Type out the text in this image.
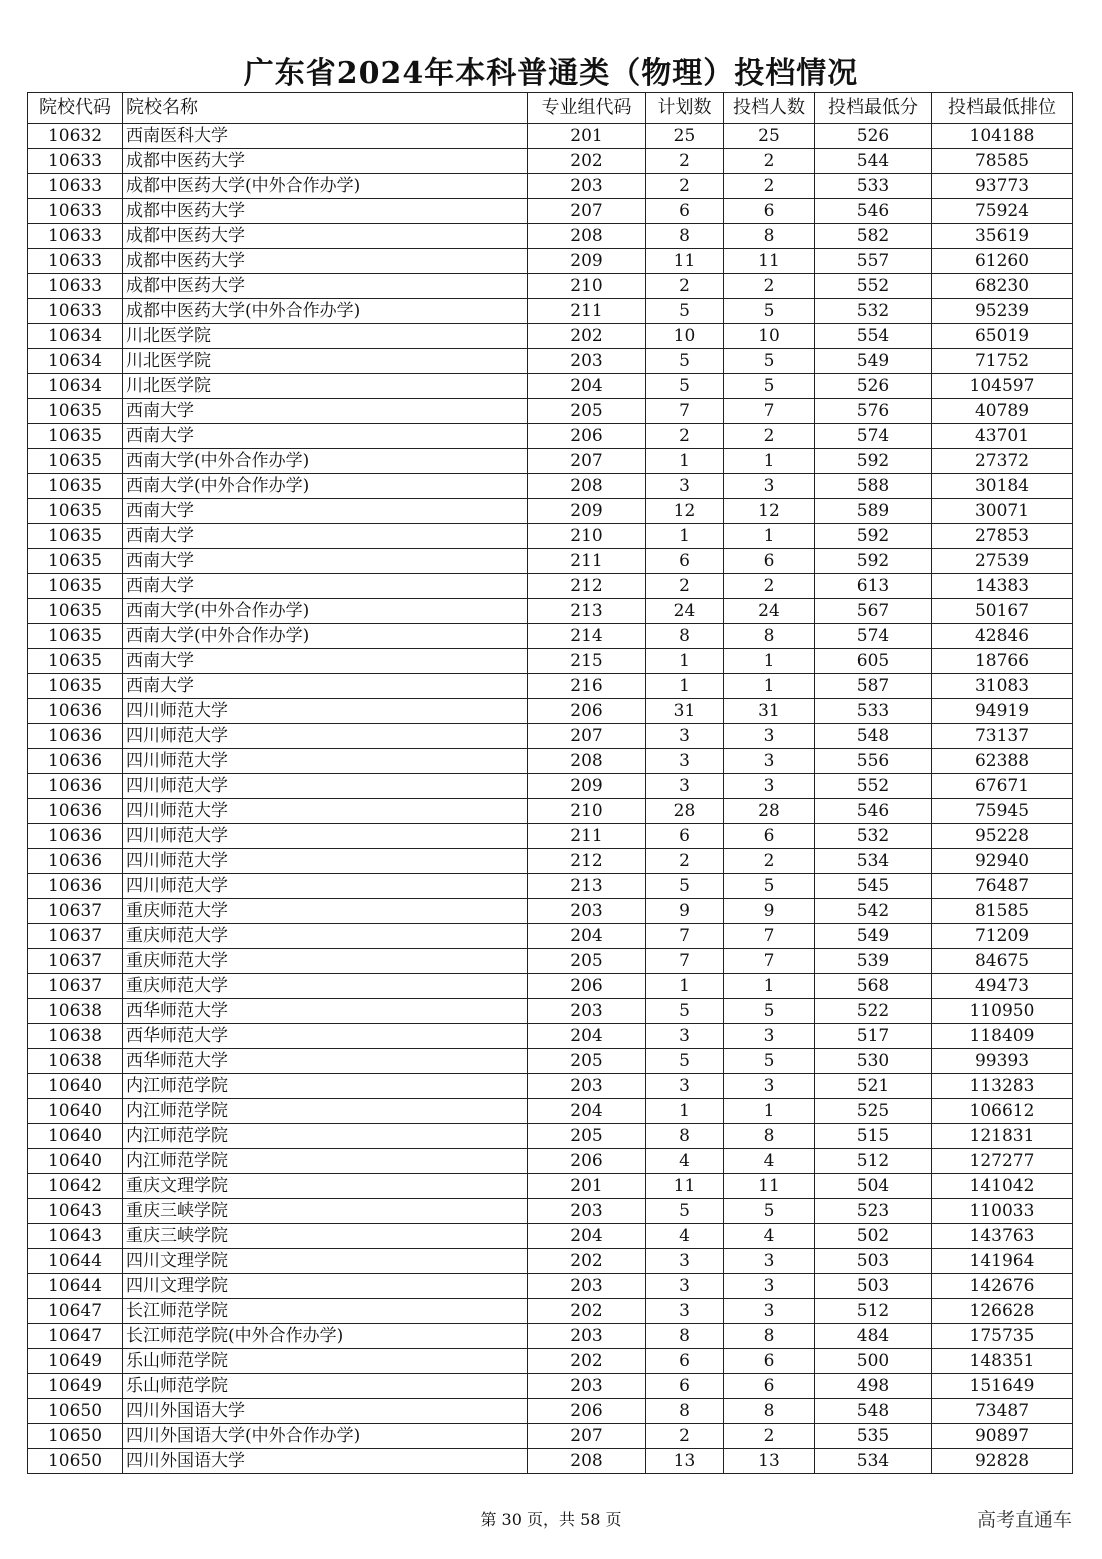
广东省2024年本科普通类（物理）投档情况
院校代码	院校名称	专业组代码	计划数	投档人数	投档最低分	投档最低排位
10632	西南医科大学	201	25	25	526	104188
10633	成都中医药大学	202	2	2	544	78585
10633	成都中医药大学(中外合作办学)	203	2	2	533	93773
10633	成都中医药大学	207	6	6	546	75924
10633	成都中医药大学	208	8	8	582	35619
10633	成都中医药大学	209	11	11	557	61260
10633	成都中医药大学	210	2	2	552	68230
10633	成都中医药大学(中外合作办学)	211	5	5	532	95239
10634	川北医学院	202	10	10	554	65019
10634	川北医学院	203	5	5	549	71752
10634	川北医学院	204	5	5	526	104597
10635	西南大学	205	7	7	576	40789
10635	西南大学	206	2	2	574	43701
10635	西南大学(中外合作办学)	207	1	1	592	27372
10635	西南大学(中外合作办学)	208	3	3	588	30184
10635	西南大学	209	12	12	589	30071
10635	西南大学	210	1	1	592	27853
10635	西南大学	211	6	6	592	27539
10635	西南大学	212	2	2	613	14383
10635	西南大学(中外合作办学)	213	24	24	567	50167
10635	西南大学(中外合作办学)	214	8	8	574	42846
10635	西南大学	215	1	1	605	18766
10635	西南大学	216	1	1	587	31083
10636	四川师范大学	206	31	31	533	94919
10636	四川师范大学	207	3	3	548	73137
10636	四川师范大学	208	3	3	556	62388
10636	四川师范大学	209	3	3	552	67671
10636	四川师范大学	210	28	28	546	75945
10636	四川师范大学	211	6	6	532	95228
10636	四川师范大学	212	2	2	534	92940
10636	四川师范大学	213	5	5	545	76487
10637	重庆师范大学	203	9	9	542	81585
10637	重庆师范大学	204	7	7	549	71209
10637	重庆师范大学	205	7	7	539	84675
10637	重庆师范大学	206	1	1	568	49473
10638	西华师范大学	203	5	5	522	110950
10638	西华师范大学	204	3	3	517	118409
10638	西华师范大学	205	5	5	530	99393
10640	内江师范学院	203	3	3	521	113283
10640	内江师范学院	204	1	1	525	106612
10640	内江师范学院	205	8	8	515	121831
10640	内江师范学院	206	4	4	512	127277
10642	重庆文理学院	201	11	11	504	141042
10643	重庆三峡学院	203	5	5	523	110033
10643	重庆三峡学院	204	4	4	502	143763
10644	四川文理学院	202	3	3	503	141964
10644	四川文理学院	203	3	3	503	142676
10647	长江师范学院	202	3	3	512	126628
10647	长江师范学院(中外合作办学)	203	8	8	484	175735
10649	乐山师范学院	202	6	6	500	148351
10649	乐山师范学院	203	6	6	498	151649
10650	四川外国语大学	206	8	8	548	73487
10650	四川外国语大学(中外合作办学)	207	2	2	535	90897
10650	四川外国语大学	208	13	13	534	92828
第 30 页，共 58 页	高考直通车
